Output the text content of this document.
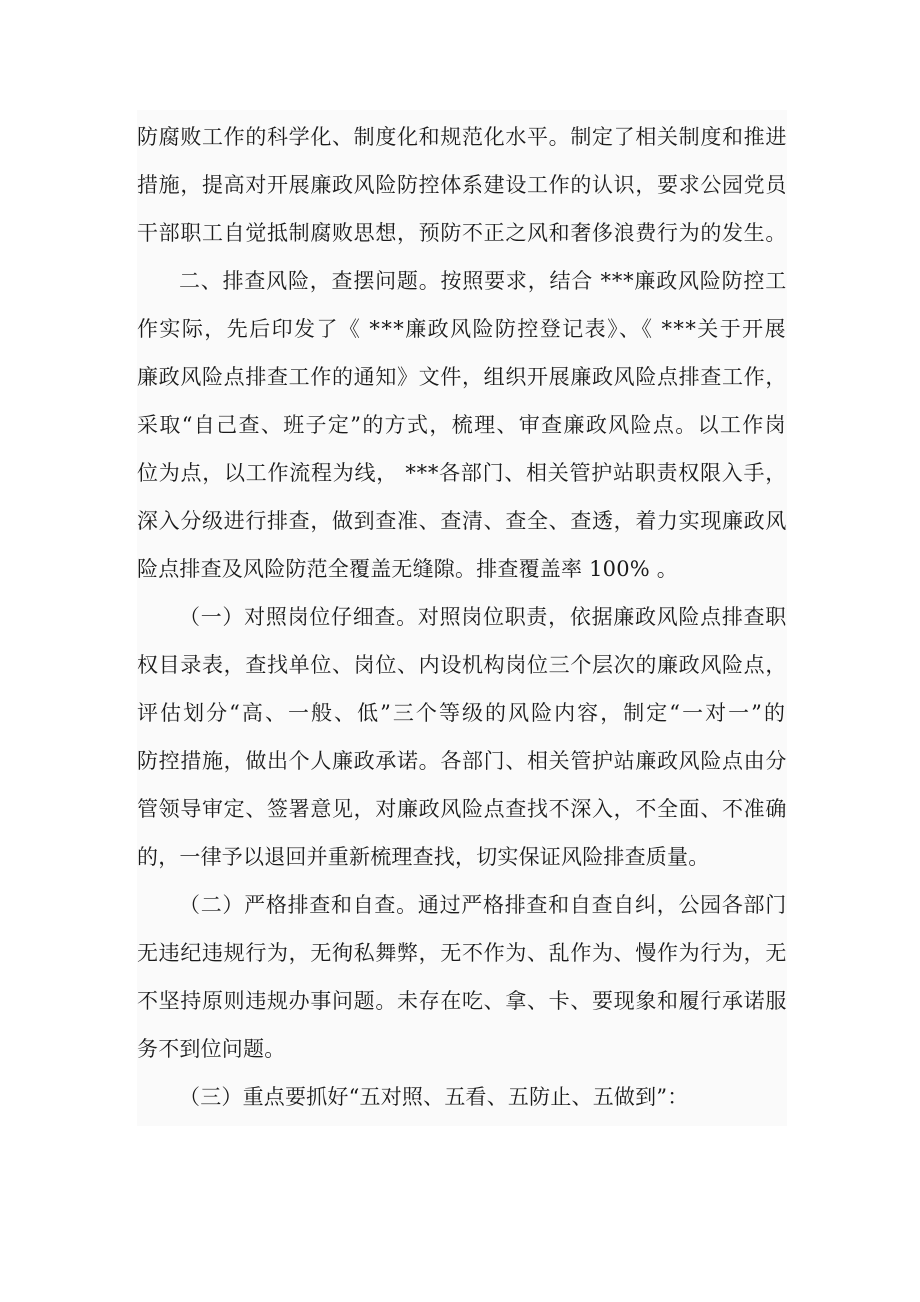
防腐败工作的科学化、制度化和规范化水平。制定了相关制度和推进
措施，提高对开展廉政风险防控体系建设工作的认识，要求公园党员
干部职工自觉抵制腐败思想，预防不正之风和奢侈浪费行为的发生。
二、排查风险，查摆问题。按照要求，结合 ***廉政风险防控工
作实际，先后印发了《 ***廉政风险防控登记表》、《 ***关于开展
廉政风险点排查工作的通知》文件，组织开展廉政风险点排查工作，
采取“自己查、班子定”的方式，梳理、审查廉政风险点。以工作岗
位为点，以工作流程为线， ***各部门、相关管护站职责权限入手，
深入分级进行排查，做到查准、查清、查全、查透，着力实现廉政风
险点排查及风险防范全覆盖无缝隙。排查覆盖率 100% 。
（一）对照岗位仔细查。对照岗位职责，依据廉政风险点排查职
权目录表，查找单位、岗位、内设机构岗位三个层次的廉政风险点，
评估划分“高、一般、低”三个等级的风险内容，制定“一对一”的
防控措施，做出个人廉政承诺。各部门、相关管护站廉政风险点由分
管领导审定、签署意见，对廉政风险点查找不深入，不全面、不准确
的，一律予以退回并重新梳理查找，切实保证风险排查质量。
（二）严格排查和自查。通过严格排查和自查自纠，公园各部门
无违纪违规行为，无徇私舞弊，无不作为、乱作为、慢作为行为，无
不坚持原则违规办事问题。未存在吃、拿、卡、要现象和履行承诺服
务不到位问题。
（三）重点要抓好“五对照、五看、五防止、五做到”：
